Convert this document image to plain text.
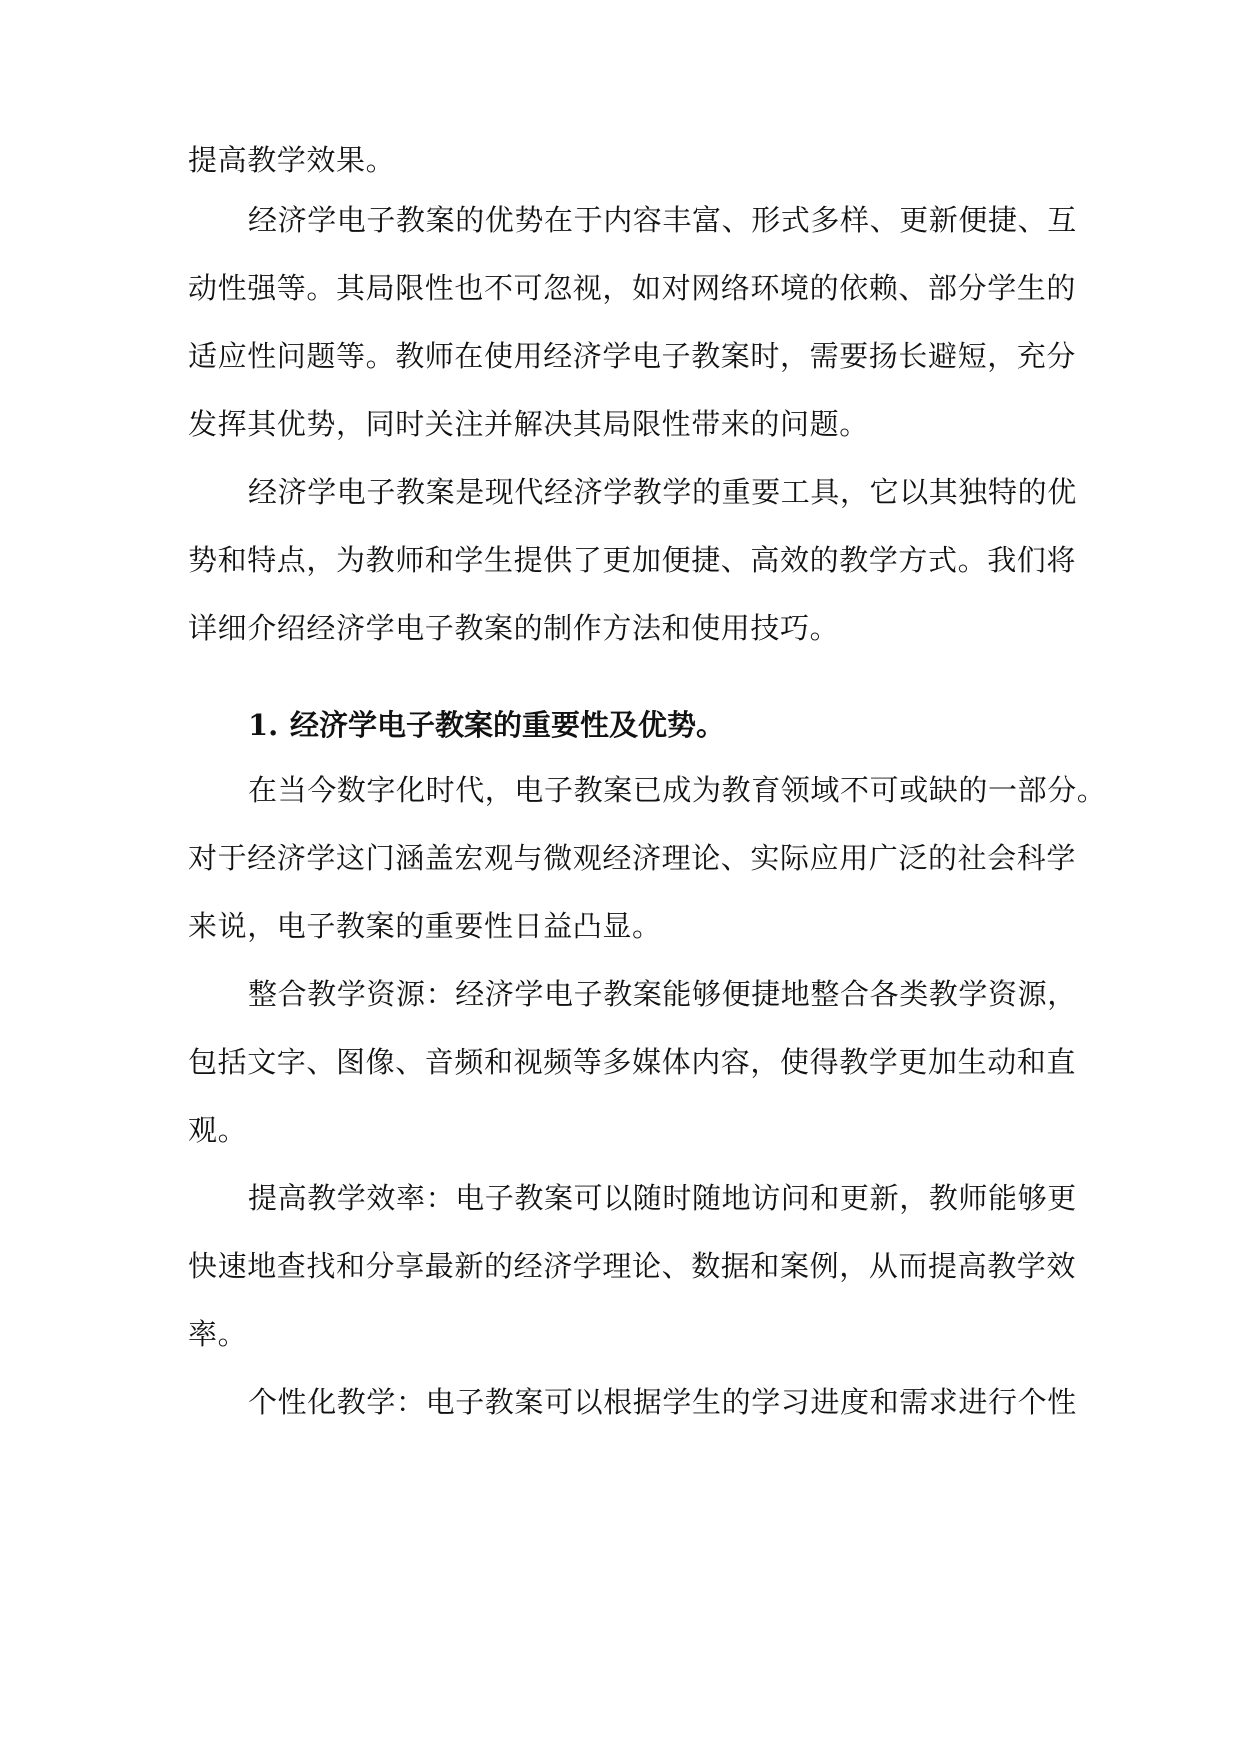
提高教学效果。
经济学电子教案的优势在于内容丰富、形式多样、更新便捷、互
动性强等。其局限性也不可忽视，如对网络环境的依赖、部分学生的
适应性问题等。教师在使用经济学电子教案时，需要扬长避短，充分
发挥其优势，同时关注并解决其局限性带来的问题。
经济学电子教案是现代经济学教学的重要工具，它以其独特的优
势和特点，为教师和学生提供了更加便捷、高效的教学方式。我们将
详细介绍经济学电子教案的制作方法和使用技巧。
1. 经济学电子教案的重要性及优势。
在当今数字化时代，电子教案已成为教育领域不可或缺的一部分。
对于经济学这门涵盖宏观与微观经济理论、实际应用广泛的社会科学
来说，电子教案的重要性日益凸显。
整合教学资源：经济学电子教案能够便捷地整合各类教学资源，
包括文字、图像、音频和视频等多媒体内容，使得教学更加生动和直
观。
提高教学效率：电子教案可以随时随地访问和更新，教师能够更
快速地查找和分享最新的经济学理论、数据和案例，从而提高教学效
率。
个性化教学：电子教案可以根据学生的学习进度和需求进行个性
